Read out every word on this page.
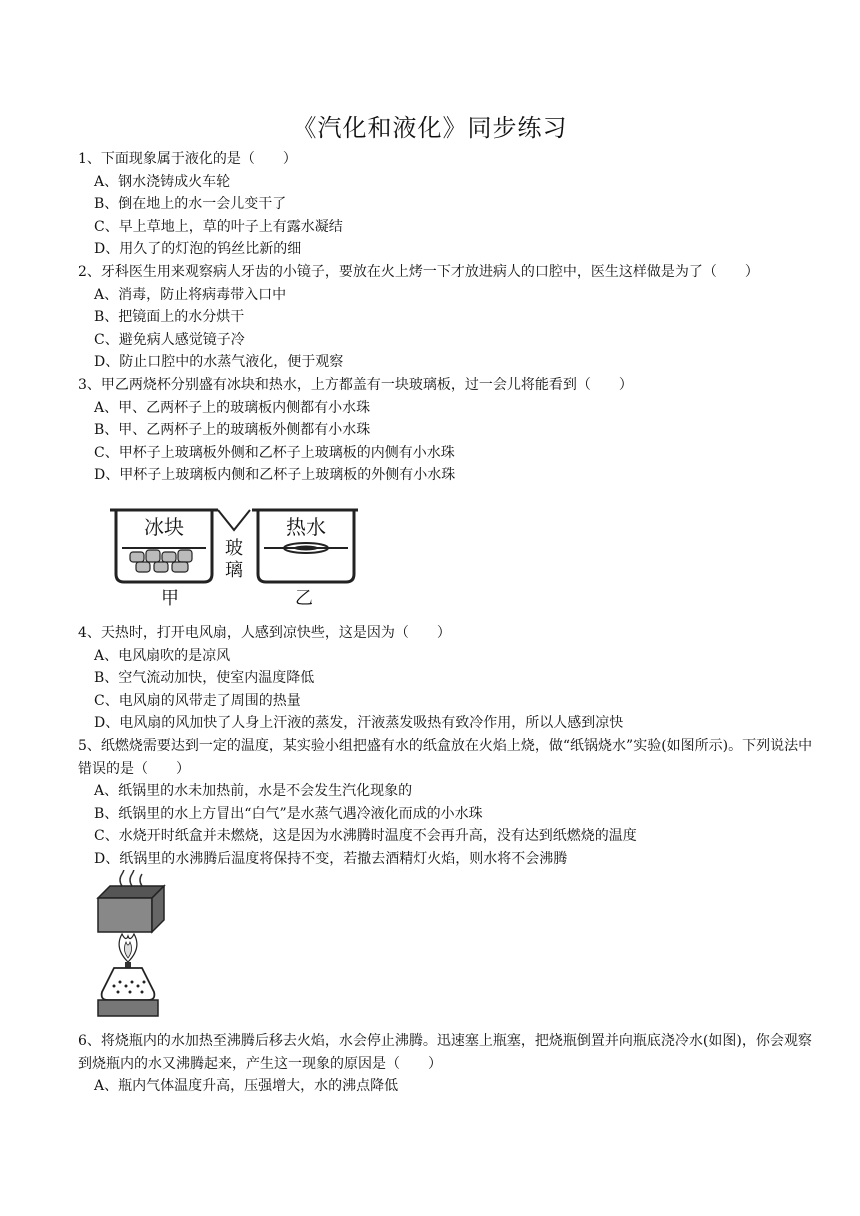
《汽化和液化》同步练习
1、下面现象属于液化的是（　　）
A、钢水浇铸成火车轮
B、倒在地上的水一会儿变干了
C、早上草地上，草的叶子上有露水凝结
D、用久了的灯泡的钨丝比新的细
2、牙科医生用来观察病人牙齿的小镜子，要放在火上烤一下才放进病人的口腔中，医生这样做是为了（　　）
A、消毒，防止将病毒带入口中
B、把镜面上的水分烘干
C、避免病人感觉镜子冷
D、防止口腔中的水蒸气液化，便于观察
3、甲乙两烧杯分别盛有冰块和热水，上方都盖有一块玻璃板，过一会儿将能看到（　　）
A、甲、乙两杯子上的玻璃板内侧都有小水珠
B、甲、乙两杯子上的玻璃板外侧都有小水珠
C、甲杯子上玻璃板外侧和乙杯子上玻璃板的内侧有小水珠
D、甲杯子上玻璃板内侧和乙杯子上玻璃板的外侧有小水珠
冰块	热水
玻
璃
甲	乙
4、天热时，打开电风扇，人感到凉快些，这是因为（　　）
A、电风扇吹的是凉风
B、空气流动加快，使室内温度降低
C、电风扇的风带走了周围的热量
D、电风扇的风加快了人身上汗液的蒸发，汗液蒸发吸热有致冷作用，所以人感到凉快
5、纸燃烧需要达到一定的温度，某实验小组把盛有水的纸盒放在火焰上烧，做“纸锅烧水”实验(如图所示)。下列说法中错误的是（　　）
A、纸锅里的水未加热前，水是不会发生汽化现象的
B、纸锅里的水上方冒出“白气”是水蒸气遇冷液化而成的小水珠
C、水烧开时纸盒并未燃烧，这是因为水沸腾时温度不会再升高，没有达到纸燃烧的温度
D、纸锅里的水沸腾后温度将保持不变，若撤去酒精灯火焰，则水将不会沸腾
6、将烧瓶内的水加热至沸腾后移去火焰，水会停止沸腾。迅速塞上瓶塞，把烧瓶倒置并向瓶底浇冷水(如图)，你会观察到烧瓶内的水又沸腾起来，产生这一现象的原因是（　　）
A、瓶内气体温度升高，压强增大，水的沸点降低
